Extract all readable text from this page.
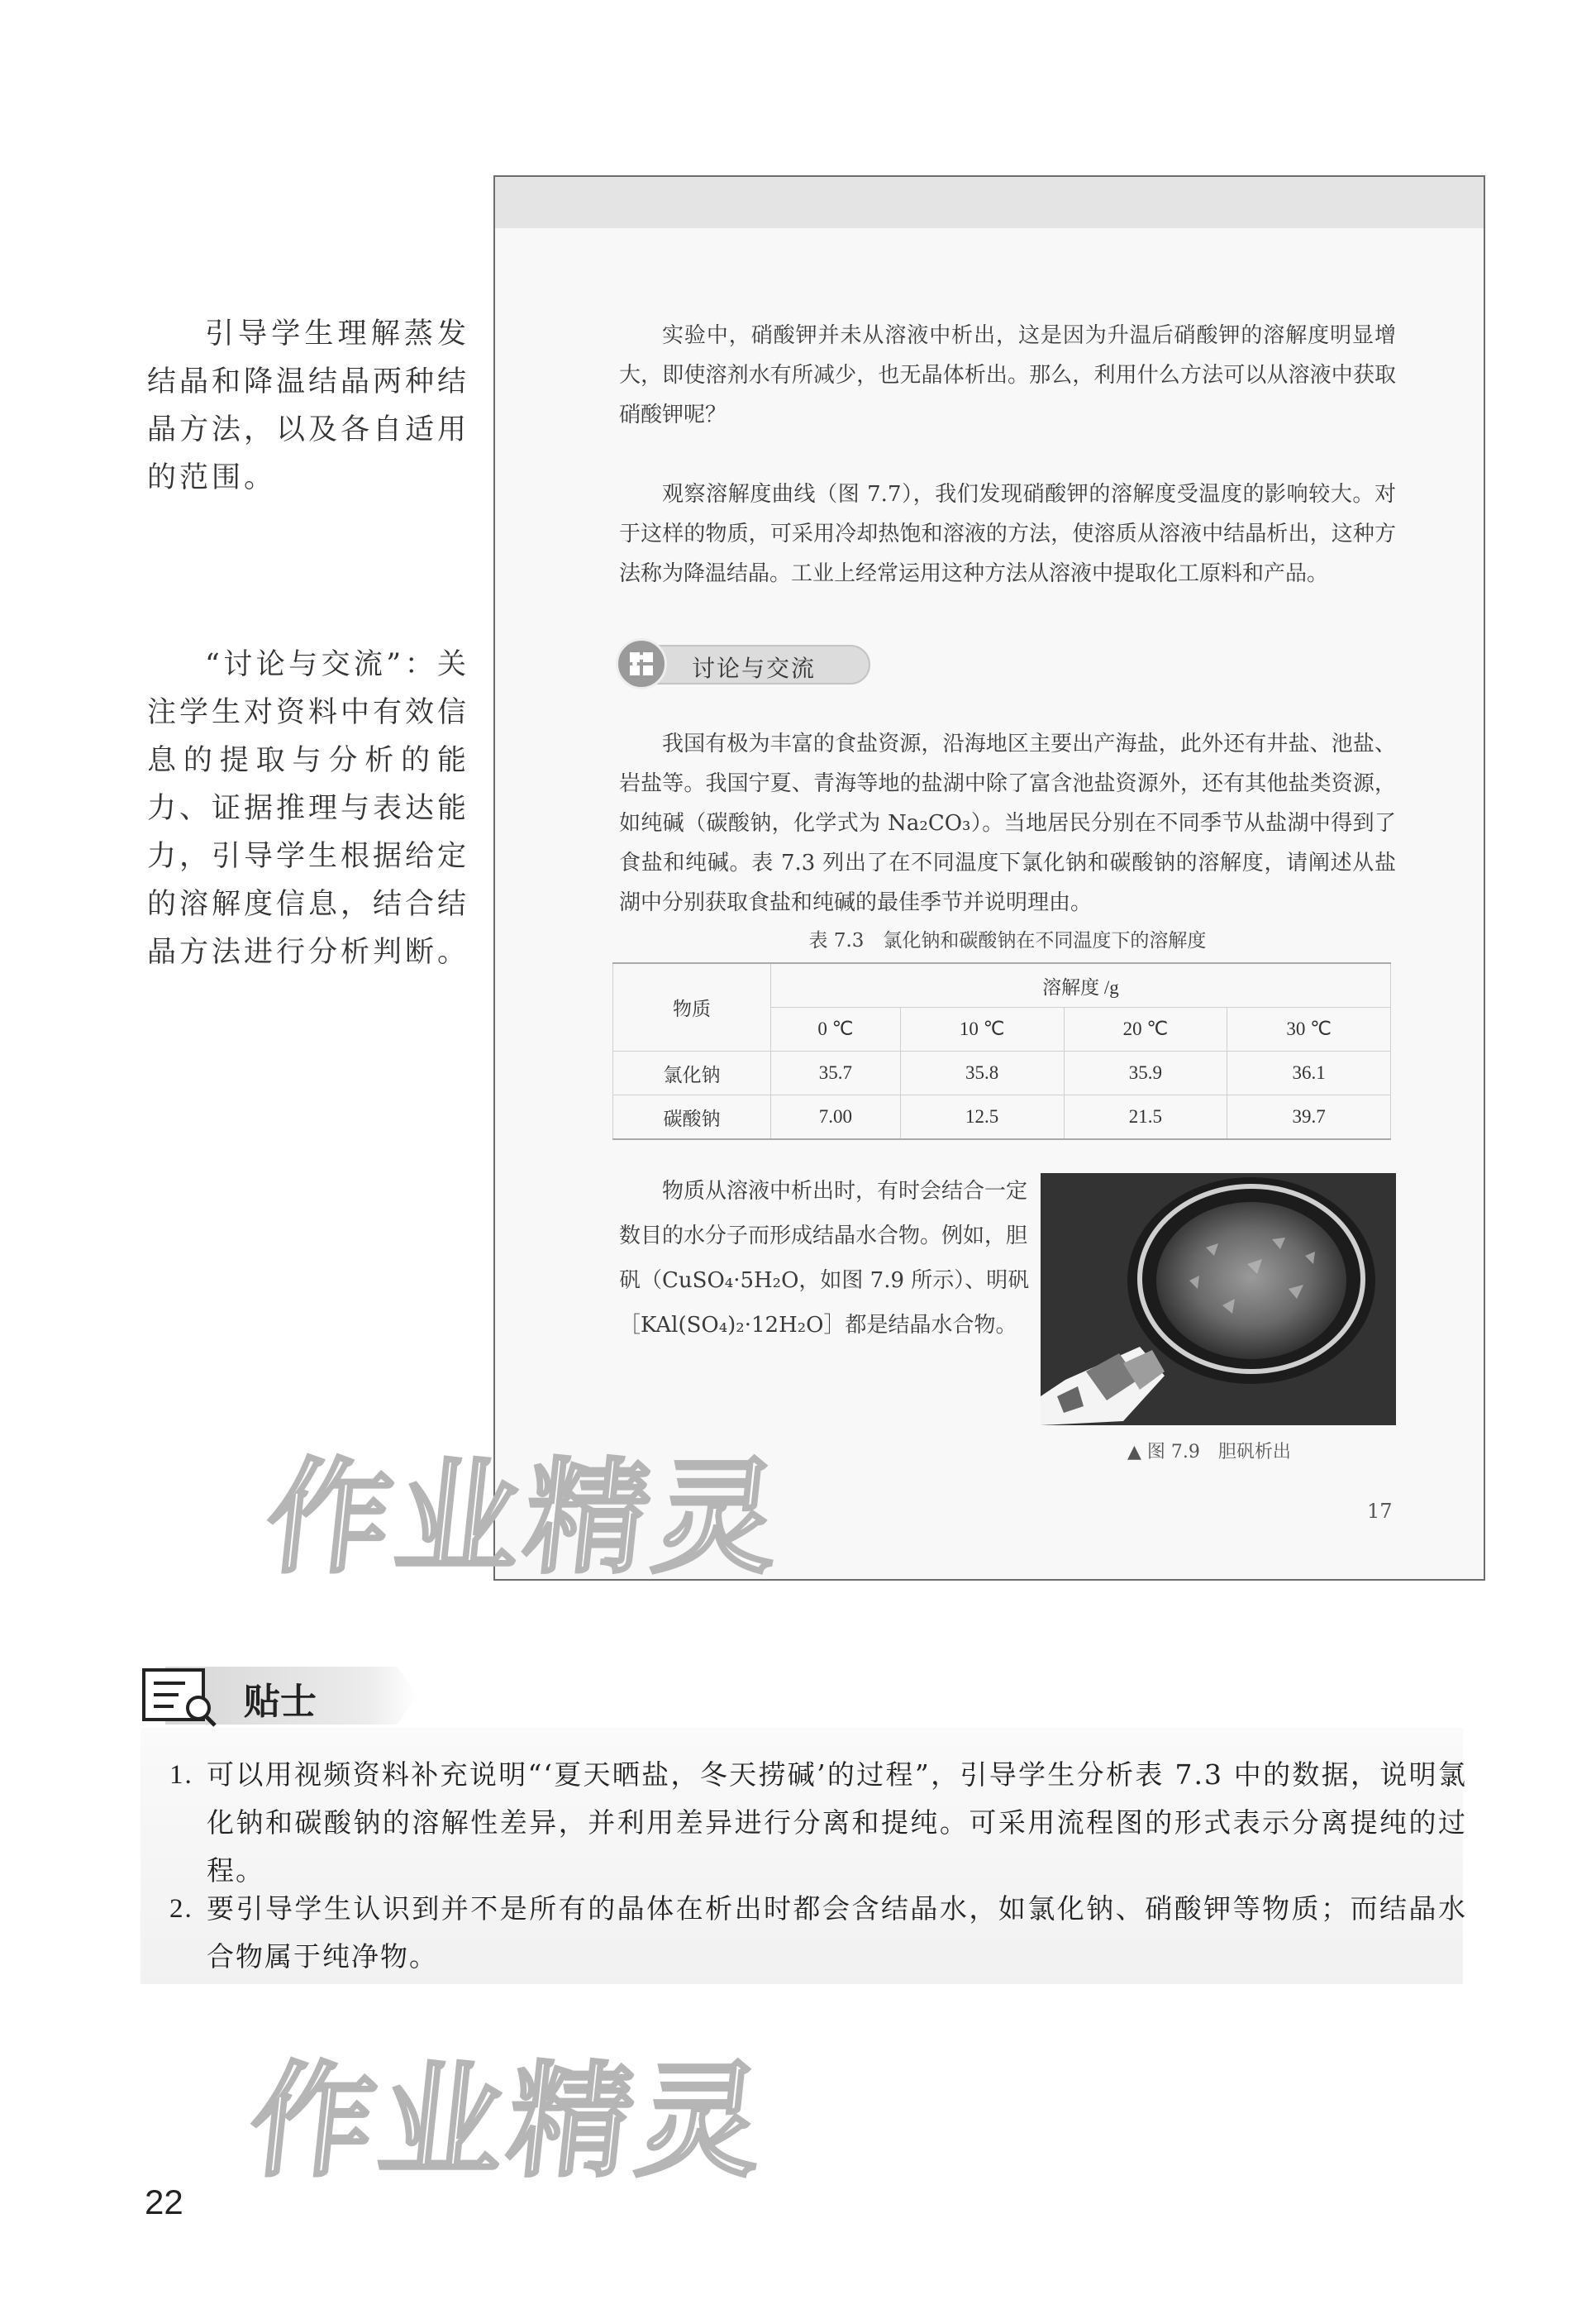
引导学生理解蒸发结晶和降温结晶两种结晶方法，以及各自适用的范围。
“讨论与交流”：关注学生对资料中有效信息的提取与分析的能力、证据推理与表达能力，引导学生根据给定的溶解度信息，结合结晶方法进行分析判断。
实验中，硝酸钾并未从溶液中析出，这是因为升温后硝酸钾的溶解度明显增大，即使溶剂水有所减少，也无晶体析出。那么，利用什么方法可以从溶液中获取硝酸钾呢？
观察溶解度曲线（图 7.7），我们发现硝酸钾的溶解度受温度的影响较大。对于这样的物质，可采用冷却热饱和溶液的方法，使溶质从溶液中结晶析出，这种方法称为降温结晶。工业上经常运用这种方法从溶液中提取化工原料和产品。
讨论与交流
我国有极为丰富的食盐资源，沿海地区主要出产海盐，此外还有井盐、池盐、岩盐等。我国宁夏、青海等地的盐湖中除了富含池盐资源外，还有其他盐类资源，如纯碱（碳酸钠，化学式为 Na₂CO₃）。当地居民分别在不同季节从盐湖中得到了食盐和纯碱。表 7.3 列出了在不同温度下氯化钠和碳酸钠的溶解度，请阐述从盐湖中分别获取食盐和纯碱的最佳季节并说明理由。
表 7.3　氯化钠和碳酸钠在不同温度下的溶解度
物质	溶解度 /g			
	0 ℃	10 ℃	20 ℃	30 ℃
氯化钠	35.7	35.8	35.9	36.1
碳酸钠	7.00	12.5	21.5	39.7
物质从溶液中析出时，有时会结合一定数目的水分子而形成结晶水合物。例如，胆矾（CuSO₄·5H₂O，如图 7.9 所示）、明矾［KAl(SO₄)₂·12H₂O］都是结晶水合物。
▲ 图 7.9　胆矾析出
17
作业精灵
贴士
1. 可以用视频资料补充说明“‘夏天晒盐，冬天捞碱’的过程”，引导学生分析表 7.3 中的数据，说明氯化钠和碳酸钠的溶解性差异，并利用差异进行分离和提纯。可采用流程图的形式表示分离提纯的过程。
2. 要引导学生认识到并不是所有的晶体在析出时都会含结晶水，如氯化钠、硝酸钾等物质；而结晶水合物属于纯净物。
作业精灵
22
